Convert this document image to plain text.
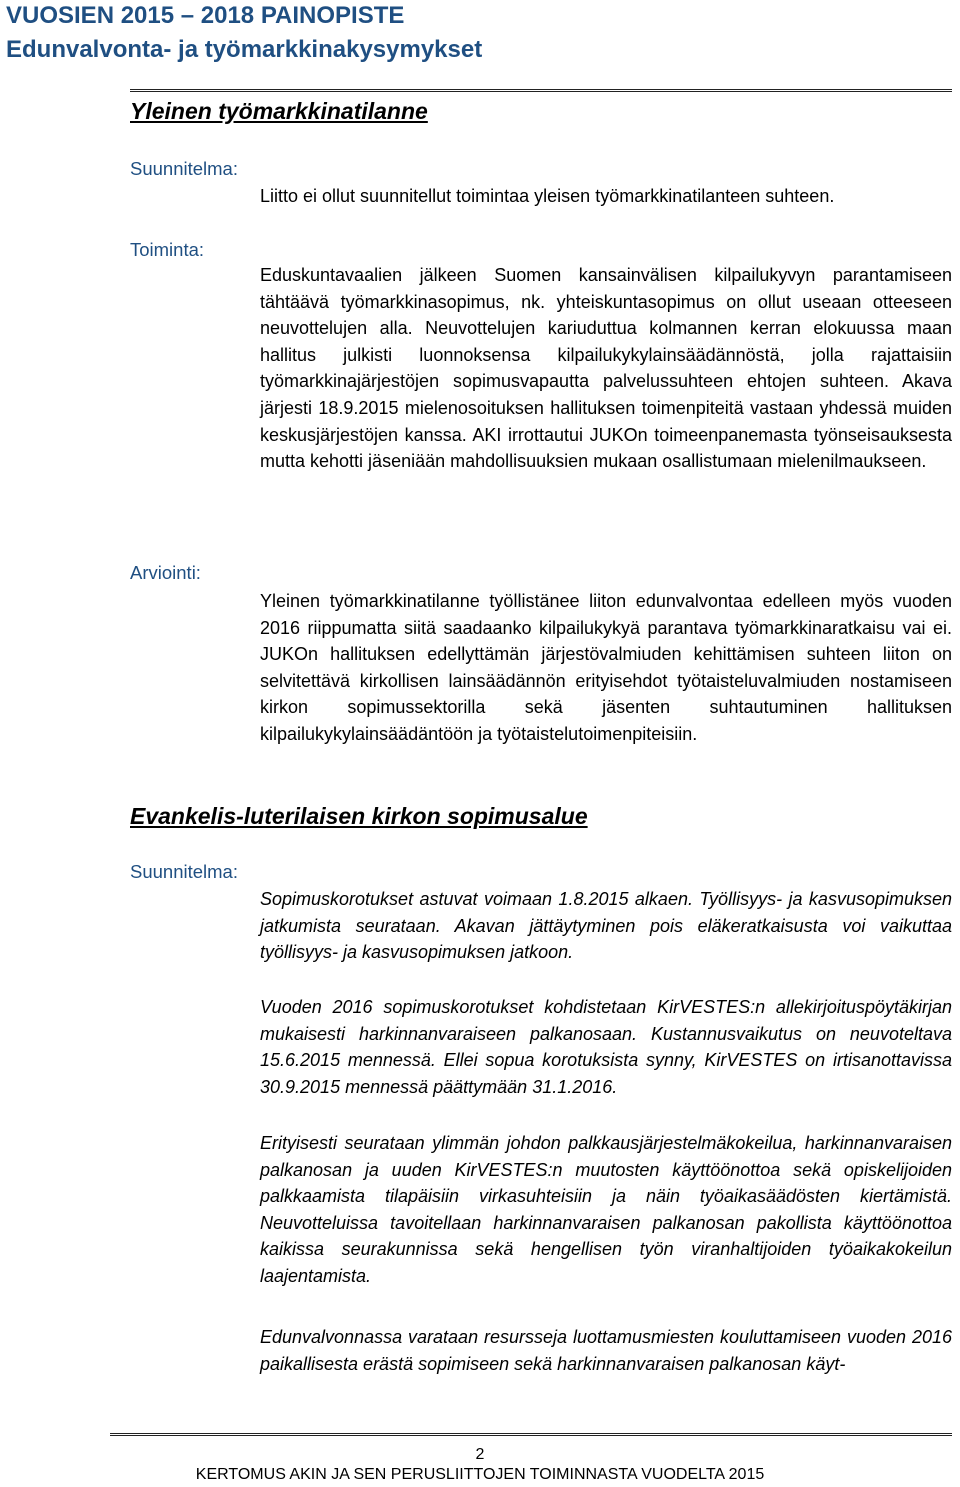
VUOSIEN 2015 – 2018 PAINOPISTE
Edunvalvonta- ja työmarkkinakysymykset
Yleinen työmarkkinatilanne
Suunnitelma:
Liitto ei ollut suunnitellut toimintaa yleisen työmarkkinatilanteen suhteen.
Toiminta:
Eduskuntavaalien jälkeen Suomen kansainvälisen kilpailukyvyn parantamiseen tähtäävä työmarkkinasopimus, nk. yhteiskuntasopimus on ollut useaan otteeseen neuvottelujen alla. Neuvottelujen kariuduttua kolmannen kerran elokuussa maan hallitus julkisti luonnoksensa kilpailukykylainsäädännöstä, jolla rajattaisiin työmarkkinajärjestöjen sopimusvapautta palvelussuhteen ehtojen suhteen. Akava järjesti 18.9.2015 mielenosoituksen hallituksen toimenpiteitä vastaan yhdessä muiden keskusjärjestöjen kanssa. AKI irrottautui JUKOn toimeenpanemasta työnseisauksesta mutta kehotti jäseniään mahdollisuuksien mukaan osallistumaan mielenilmaukseen.
Arviointi:
Yleinen työmarkkinatilanne työllistänee liiton edunvalvontaa edelleen myös vuoden 2016 riippumatta siitä saadaanko kilpailukykyä parantava työmarkkinaratkaisu vai ei. JUKOn hallituksen edellyttämän järjestövalmiuden kehittämisen suhteen liiton on selvitettävä kirkollisen lainsäädännön erityisehdot työtaisteluvalmiuden nostamiseen kirkon sopimussektorilla sekä jäsenten suhtautuminen hallituksen kilpailukykylainsäädäntöön ja työtaistelutoimenpiteisiin.
Evankelis-luterilaisen kirkon sopimusalue
Suunnitelma:
Sopimuskorotukset astuvat voimaan 1.8.2015 alkaen. Työllisyys- ja kasvusopimuksen jatkumista seurataan. Akavan jättäytyminen pois eläkeratkaisusta voi vaikuttaa työllisyys- ja kasvusopimuksen jatkoon.
Vuoden 2016 sopimuskorotukset kohdistetaan KirVESTES:n allekirjoituspöytäkirjan mukaisesti harkinnanvaraiseen palkanosaan. Kustannusvaikutus on neuvoteltava 15.6.2015 mennessä. Ellei sopua korotuksista synny, KirVESTES on irtisanottavissa 30.9.2015 mennessä päättymään 31.1.2016.
Erityisesti seurataan ylimmän johdon palkkausjärjestelmäkokeilua, harkinnanvaraisen palkanosan ja uuden KirVESTES:n muutosten käyttöönottoa sekä opiskelijoiden palkkaamista tilapäisiin virkasuhteisiin ja näin työaikasäädösten kiertämistä. Neuvotteluissa tavoitellaan harkinnanvaraisen palkanosan pakollista käyttöönottoa kaikissa seurakunnissa sekä hengellisen työn viranhaltijoiden työaikakokeilun laajentamista.
Edunvalvonnassa varataan resursseja luottamusmiesten kouluttamiseen vuoden 2016 paikallisesta erästä sopimiseen sekä harkinnanvaraisen palkanosan käyt-
2
KERTOMUS AKIN JA SEN PERUSLIITTOJEN TOIMINNASTA VUODELTA 2015
